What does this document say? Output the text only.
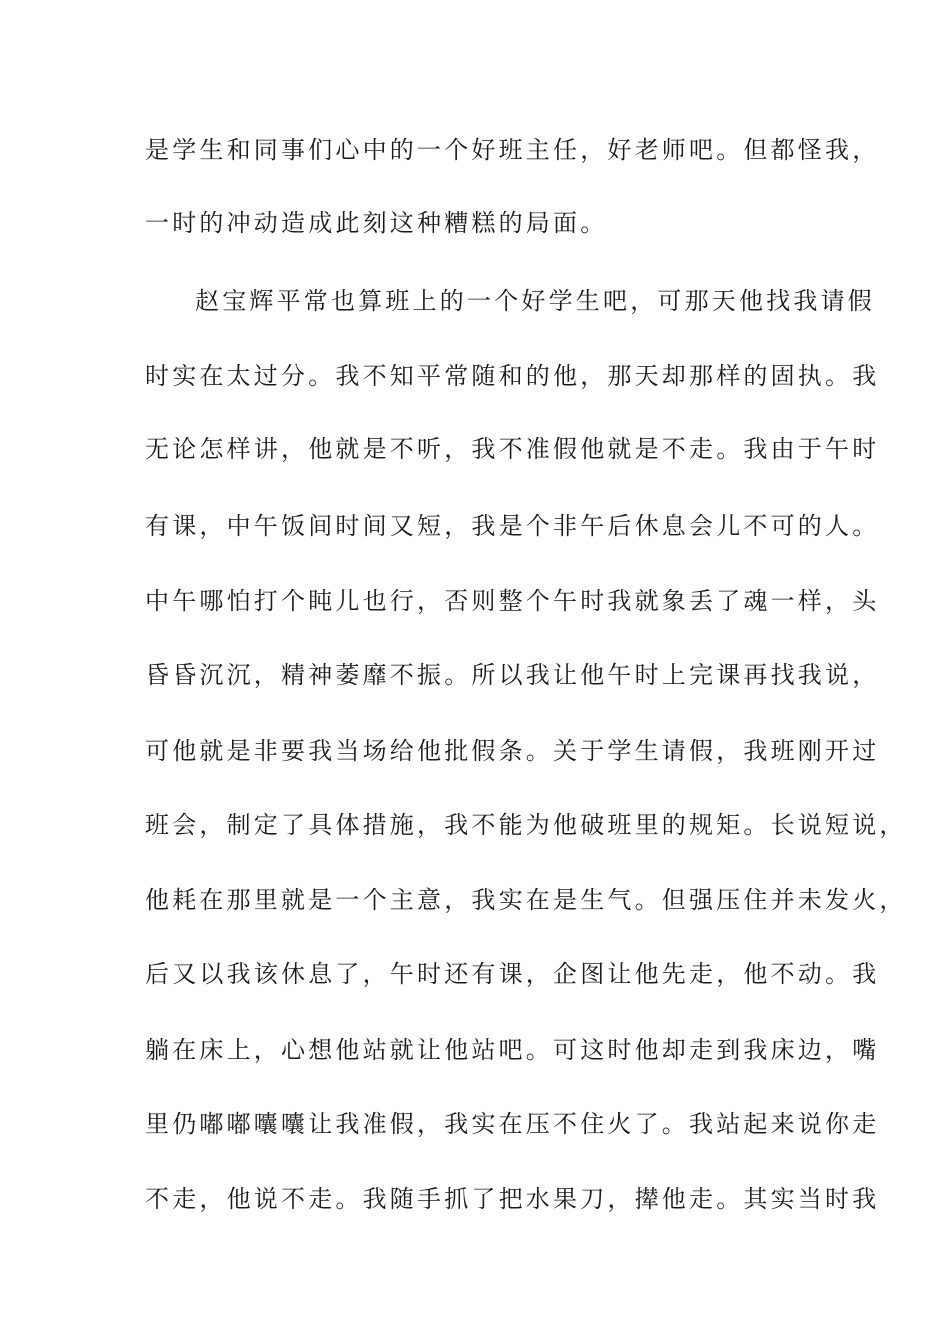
是学生和同事们心中的一个好班主任，好老师吧。但都怪我，
一时的冲动造成此刻这种糟糕的局面。
赵宝辉平常也算班上的一个好学生吧，可那天他找我请假
时实在太过分。我不知平常随和的他，那天却那样的固执。我
无论怎样讲，他就是不听，我不准假他就是不走。我由于午时
有课，中午饭间时间又短，我是个非午后休息会儿不可的人。
中午哪怕打个盹儿也行，否则整个午时我就象丢了魂一样，头
昏昏沉沉，精神萎靡不振。所以我让他午时上完课再找我说，
可他就是非要我当场给他批假条。关于学生请假，我班刚开过
班会，制定了具体措施，我不能为他破班里的规矩。长说短说，
他耗在那里就是一个主意，我实在是生气。但强压住并未发火，
后又以我该休息了，午时还有课，企图让他先走，他不动。我
躺在床上，心想他站就让他站吧。可这时他却走到我床边，嘴
里仍嘟嘟囔囔让我准假，我实在压不住火了。我站起来说你走
不走，他说不走。我随手抓了把水果刀，撵他走。其实当时我
